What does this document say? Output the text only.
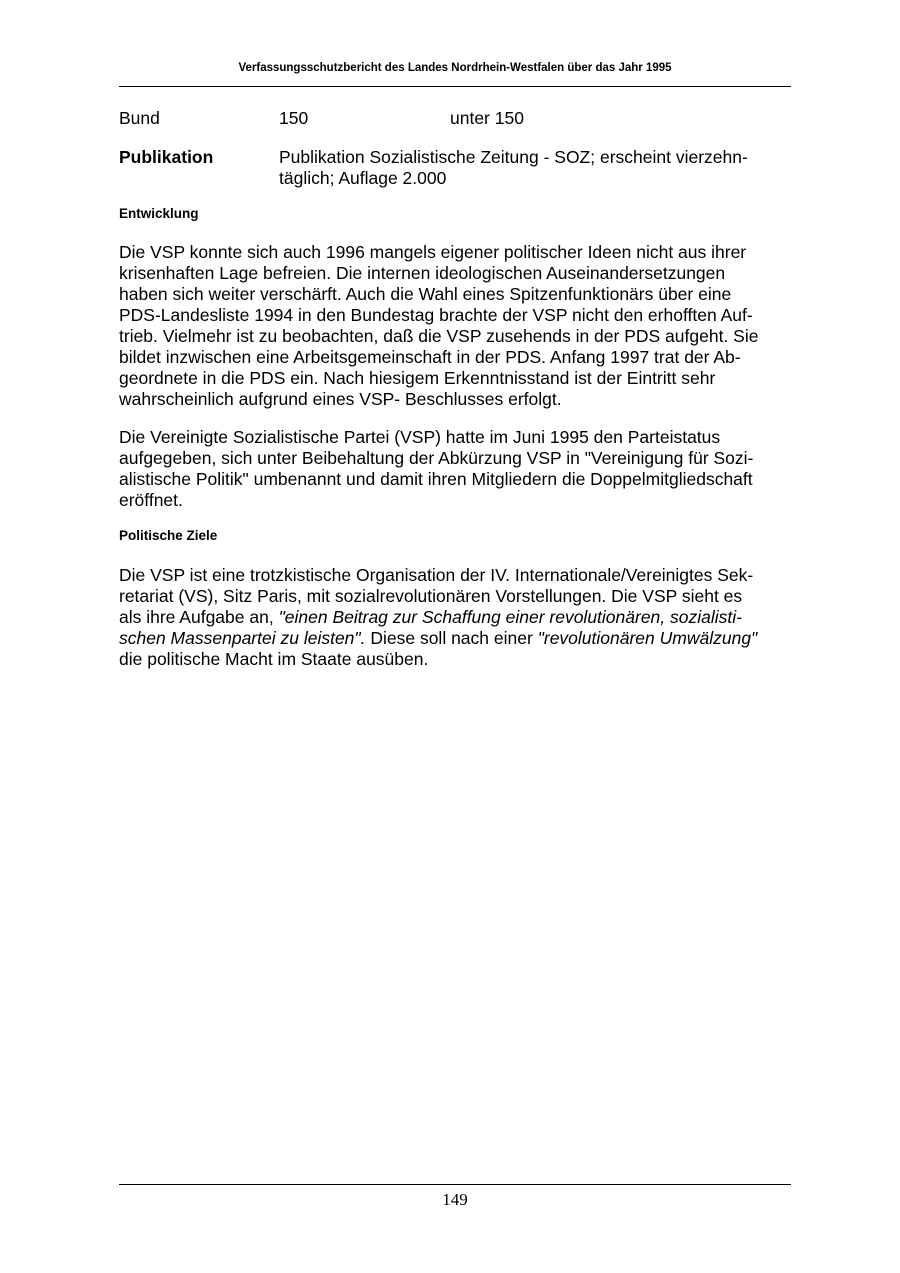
Verfassungsschutzbericht des Landes Nordrhein-Westfalen über das Jahr 1995
Bund	150	unter 150
Publikation	Publikation Sozialistische Zeitung - SOZ; erscheint vierzehn-
täglich; Auflage 2.000
Entwicklung
Die VSP konnte sich auch 1996 mangels eigener politischer Ideen nicht aus ihrer
krisenhaften Lage befreien. Die internen ideologischen Auseinandersetzungen
haben sich weiter verschärft. Auch die Wahl eines Spitzenfunktionärs über eine
PDS-Landesliste 1994 in den Bundestag brachte der VSP nicht den erhofften Auf-
trieb. Vielmehr ist zu beobachten, daß die VSP zusehends in der PDS aufgeht. Sie
bildet inzwischen eine Arbeitsgemeinschaft in der PDS. Anfang 1997 trat der Ab-
geordnete in die PDS ein. Nach hiesigem Erkenntnisstand ist der Eintritt sehr
wahrscheinlich aufgrund eines VSP- Beschlusses erfolgt.
Die Vereinigte Sozialistische Partei (VSP) hatte im Juni 1995 den Parteistatus
aufgegeben, sich unter Beibehaltung der Abkürzung VSP in "Vereinigung für Sozi-
alistische Politik" umbenannt und damit ihren Mitgliedern die Doppelmitgliedschaft
eröffnet.
Politische Ziele
Die VSP ist eine trotzkistische Organisation der IV. Internationale/Vereinigtes Sek-
retariat (VS), Sitz Paris, mit sozialrevolutionären Vorstellungen. Die VSP sieht es
als ihre Aufgabe an, "einen Beitrag zur Schaffung einer revolutionären, sozialisti-
schen Massenpartei zu leisten". Diese soll nach einer "revolutionären Umwälzung"
die politische Macht im Staate ausüben.
149
